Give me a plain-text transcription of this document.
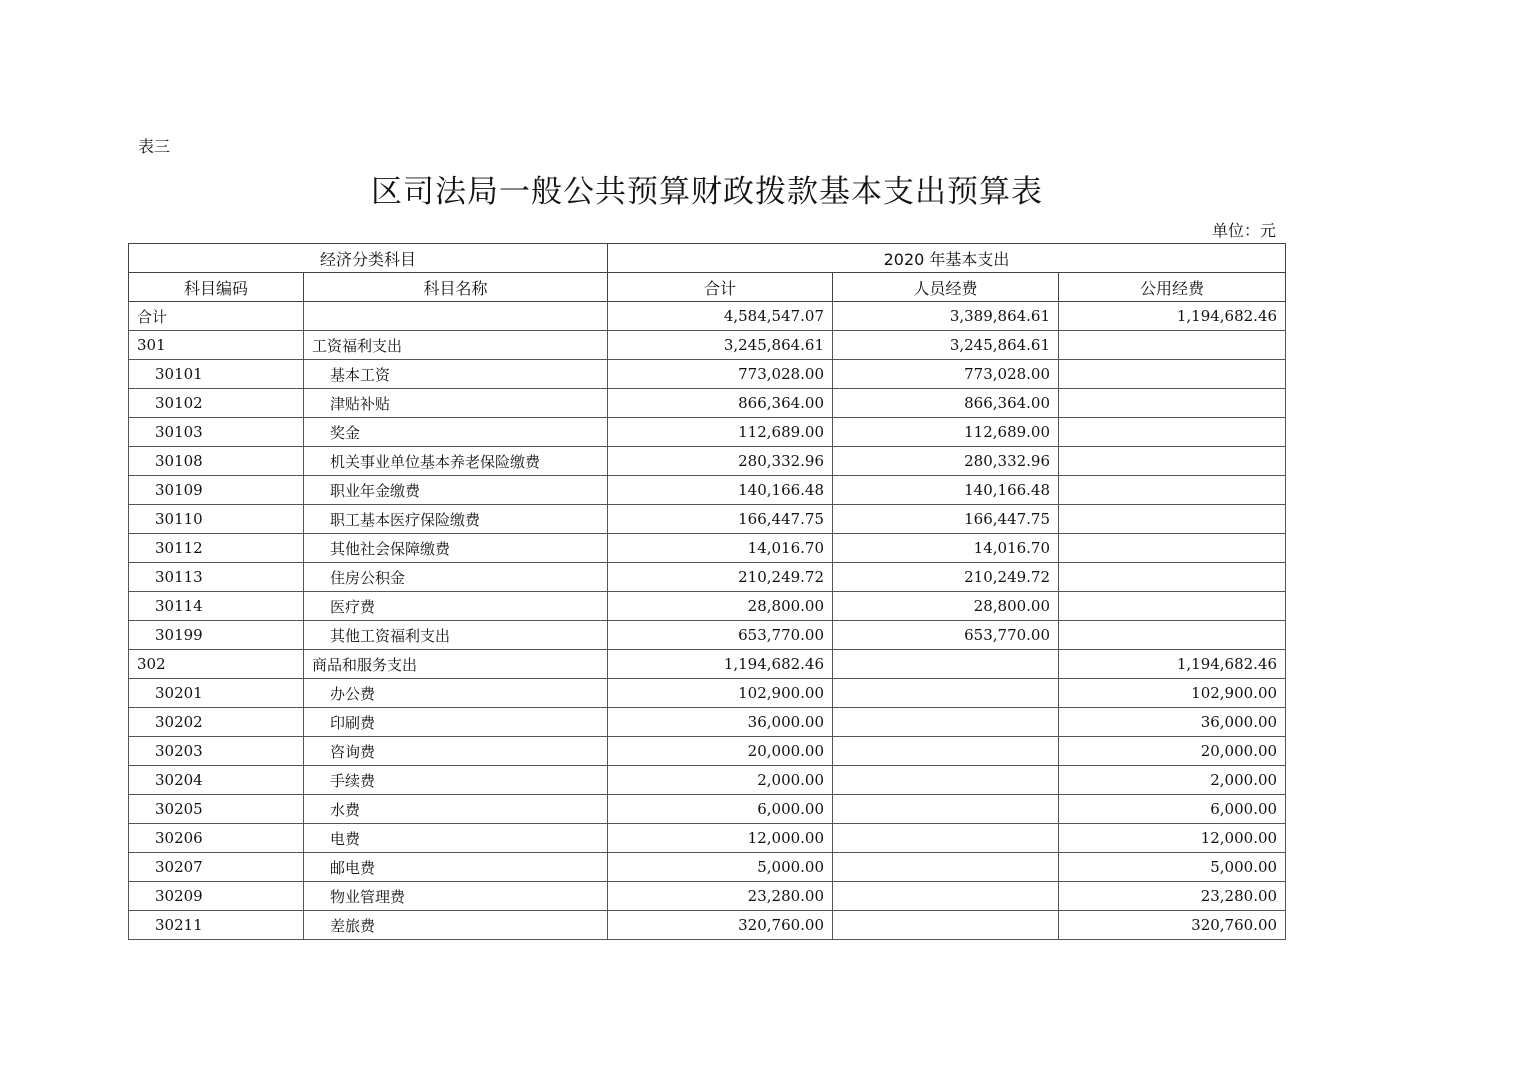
表三
区司法局一般公共预算财政拨款基本支出预算表
单位：元
经济分类科目		2020 年基本支出		
科目编码	科目名称	合计	人员经费	公用经费
合计		4,584,547.07	3,389,864.61	1,194,682.46
301	工资福利支出	3,245,864.61	3,245,864.61	
30101	基本工资	773,028.00	773,028.00	
30102	津贴补贴	866,364.00	866,364.00	
30103	奖金	112,689.00	112,689.00	
30108	机关事业单位基本养老保险缴费	280,332.96	280,332.96	
30109	职业年金缴费	140,166.48	140,166.48	
30110	职工基本医疗保险缴费	166,447.75	166,447.75	
30112	其他社会保障缴费	14,016.70	14,016.70	
30113	住房公积金	210,249.72	210,249.72	
30114	医疗费	28,800.00	28,800.00	
30199	其他工资福利支出	653,770.00	653,770.00	
302	商品和服务支出	1,194,682.46		1,194,682.46
30201	办公费	102,900.00		102,900.00
30202	印刷费	36,000.00		36,000.00
30203	咨询费	20,000.00		20,000.00
30204	手续费	2,000.00		2,000.00
30205	水费	6,000.00		6,000.00
30206	电费	12,000.00		12,000.00
30207	邮电费	5,000.00		5,000.00
30209	物业管理费	23,280.00		23,280.00
30211	差旅费	320,760.00		320,760.00
